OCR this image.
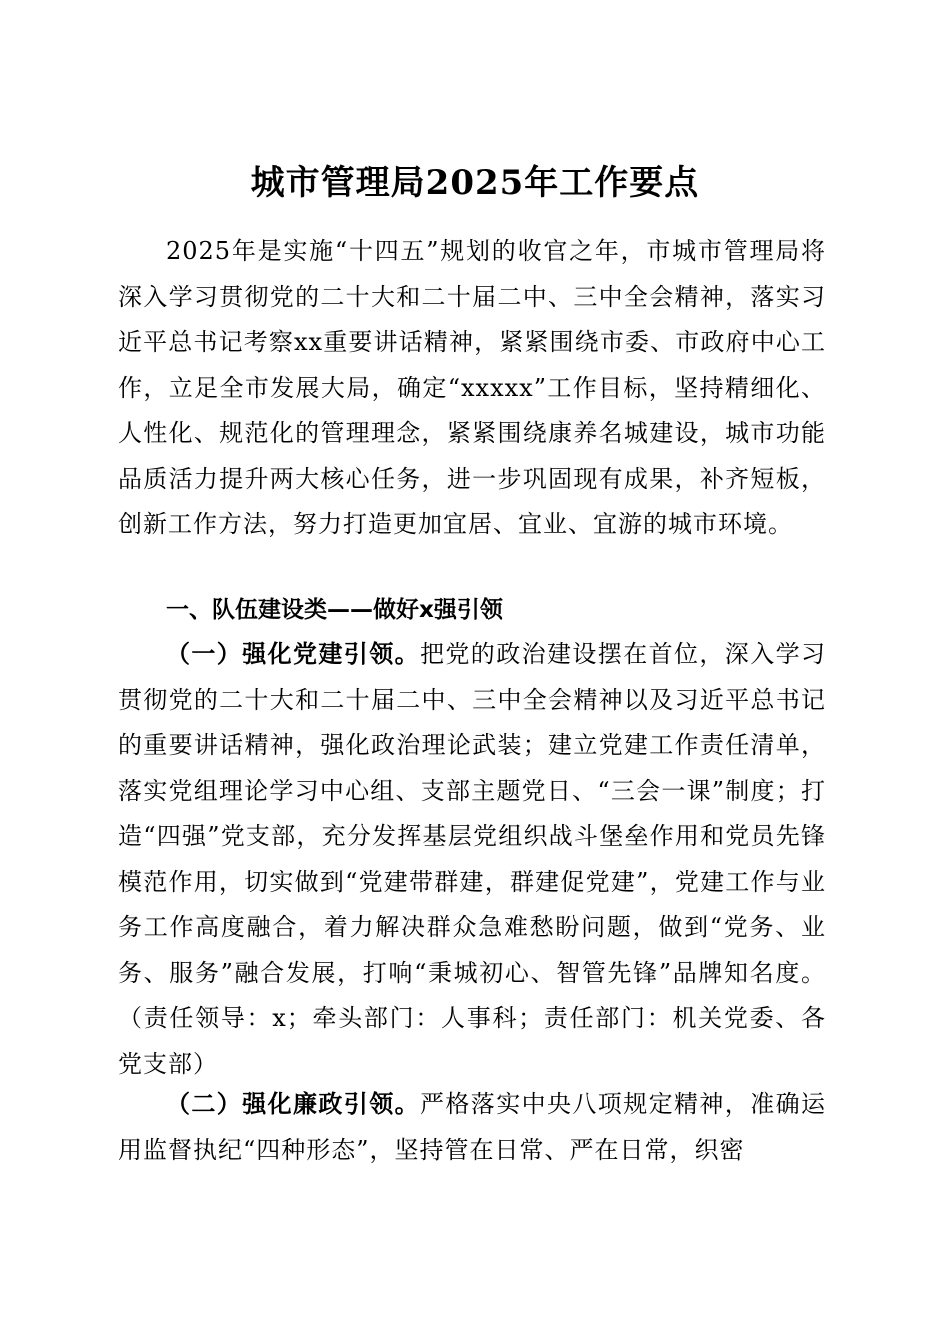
城市管理局2025年工作要点

2025年是实施“十四五”规划的收官之年，市城市管理局将深入学习贯彻党的二十大和二十届二中、三中全会精神，落实习近平总书记考察xx重要讲话精神，紧紧围绕市委、市政府中心工作，立足全市发展大局，确定“xxxxx”工作目标，坚持精细化、人性化、规范化的管理理念，紧紧围绕康养名城建设，城市功能品质活力提升两大核心任务，进一步巩固现有成果，补齐短板，创新工作方法，努力打造更加宜居、宜业、宜游的城市环境。

一、队伍建设类——做好x强引领

（一）强化党建引领。把党的政治建设摆在首位，深入学习贯彻党的二十大和二十届二中、三中全会精神以及习近平总书记的重要讲话精神，强化政治理论武装；建立党建工作责任清单，落实党组理论学习中心组、支部主题党日、“三会一课”制度；打造“四强”党支部，充分发挥基层党组织战斗堡垒作用和党员先锋模范作用，切实做到“党建带群建，群建促党建”，党建工作与业务工作高度融合，着力解决群众急难愁盼问题，做到“党务、业务、服务”融合发展，打响“秉城初心、智管先锋”品牌知名度。（责任领导：x；牵头部门：人事科；责任部门：机关党委、各党支部）

（二）强化廉政引领。严格落实中央八项规定精神，准确运用监督执纪“四种形态”，坚持管在日常、严在日常，织密
